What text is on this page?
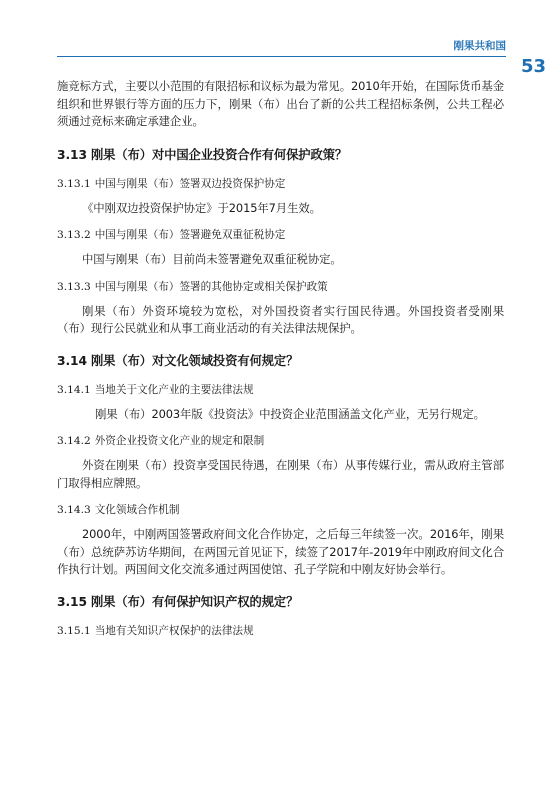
刚果共和国
53

施竞标方式，主要以小范围的有限招标和议标为最为常见。2010年开始，在国际货币基金组织和世界银行等方面的压力下，刚果（布）出台了新的公共工程招标条例，公共工程必须通过竞标来确定承建企业。

3.13 刚果（布）对中国企业投资合作有何保护政策？
3.13.1 中国与刚果（布）签署双边投资保护协定

《中刚双边投资保护协定》于2015年7月生效。

3.13.2 中国与刚果（布）签署避免双重征税协定

中国与刚果（布）目前尚未签署避免双重征税协定。

3.13.3 中国与刚果（布）签署的其他协定或相关保护政策

刚果（布）外资环境较为宽松，对外国投资者实行国民待遇。外国投资者受刚果（布）现行公民就业和从事工商业活动的有关法律法规保护。

3.14 刚果（布）对文化领域投资有何规定？
3.14.1 当地关于文化产业的主要法律法规

刚果（布）2003年版《投资法》中投资企业范围涵盖文化产业，无另行规定。

3.14.2 外资企业投资文化产业的规定和限制

外资在刚果（布）投资享受国民待遇，在刚果（布）从事传媒行业，需从政府主管部门取得相应牌照。

3.14.3 文化领域合作机制

2000年，中刚两国签署政府间文化合作协定，之后每三年续签一次。2016年，刚果（布）总统萨苏访华期间，在两国元首见证下，续签了2017年-2019年中刚政府间文化合作执行计划。两国间文化交流多通过两国使馆、孔子学院和中刚友好协会举行。

3.15 刚果（布）有何保护知识产权的规定？
3.15.1 当地有关知识产权保护的法律法规
